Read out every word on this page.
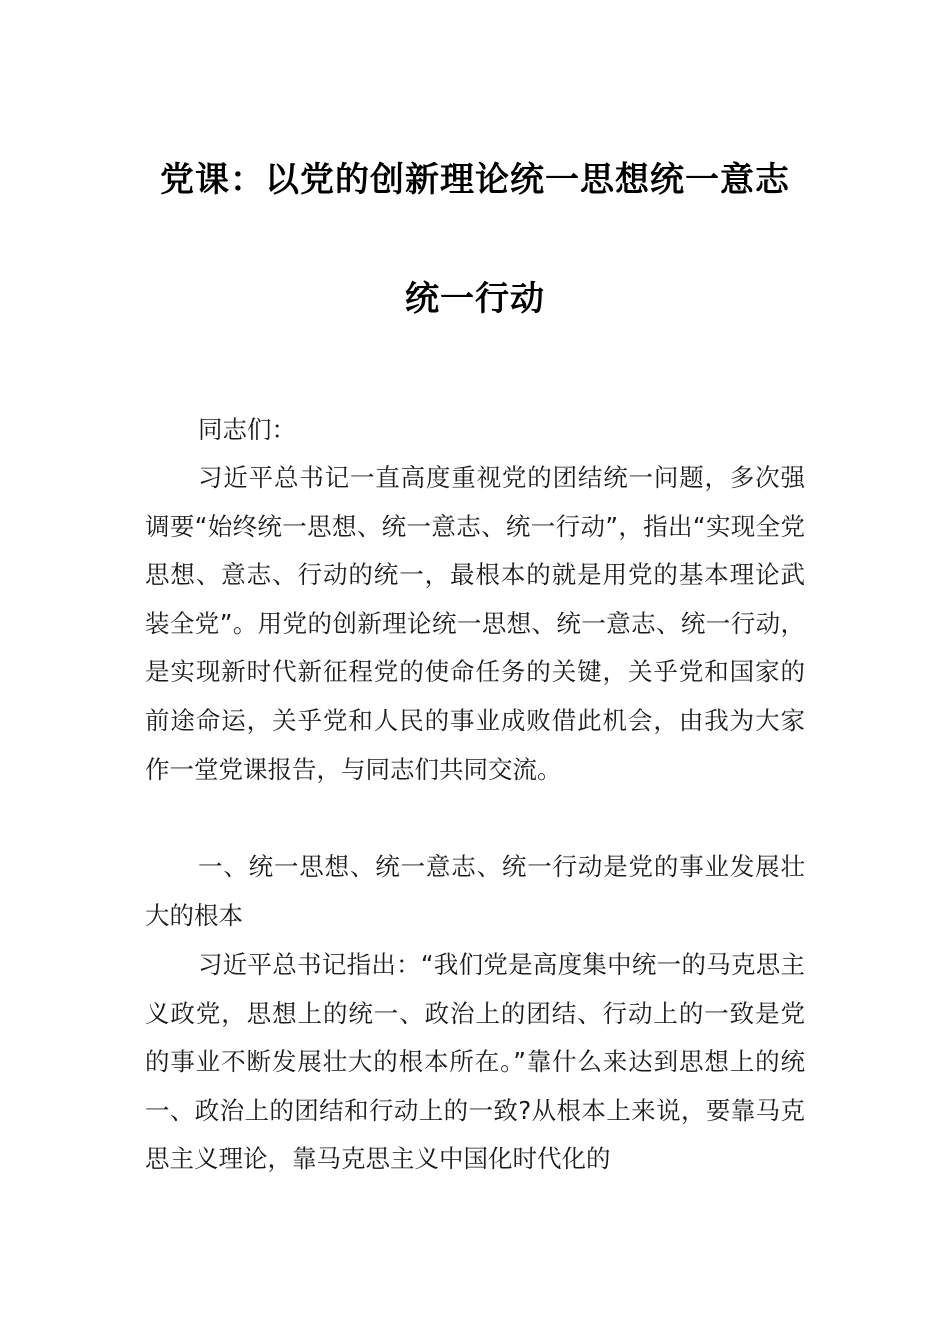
党课：以党的创新理论统一思想统一意志
统一行动
同志们：
习近平总书记一直高度重视党的团结统一问题，多次强调要“始终统一思想、统一意志、统一行动”，指出“实现全党思想、意志、行动的统一，最根本的就是用党的基本理论武装全党”。用党的创新理论统一思想、统一意志、统一行动，是实现新时代新征程党的使命任务的关键，关乎党和国家的前途命运，关乎党和人民的事业成败借此机会，由我为大家作一堂党课报告，与同志们共同交流。
一、统一思想、统一意志、统一行动是党的事业发展壮大的根本
习近平总书记指出：“我们党是高度集中统一的马克思主义政党，思想上的统一、政治上的团结、行动上的一致是党的事业不断发展壮大的根本所在。”靠什么来达到思想上的统一、政治上的团结和行动上的一致?从根本上来说，要靠马克思主义理论，靠马克思主义中国化时代化的
